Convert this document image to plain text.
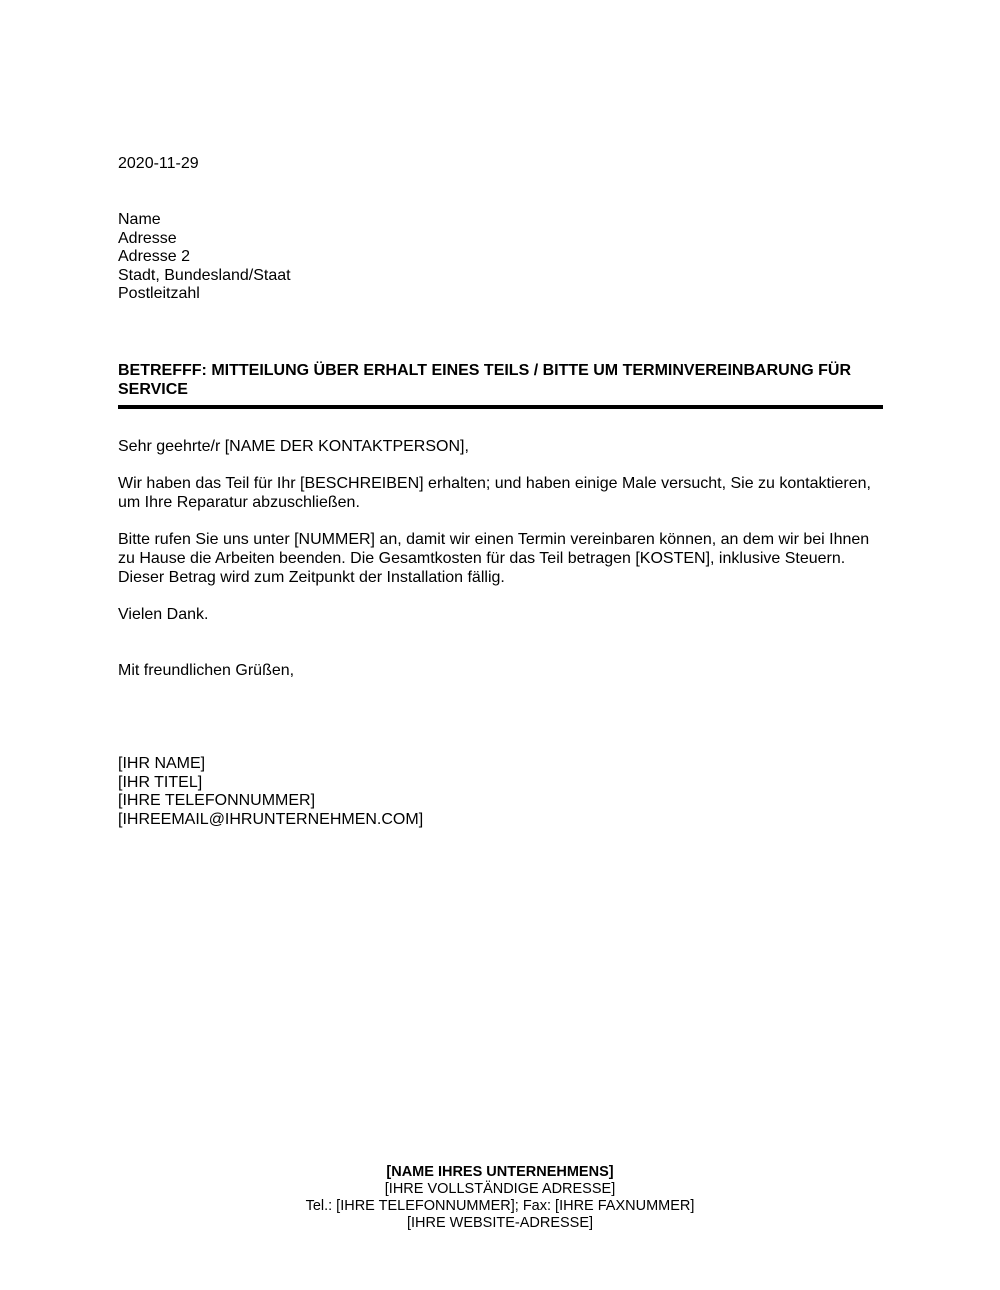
2020-11-29
Name
Adresse
Adresse 2
Stadt, Bundesland/Staat
Postleitzahl
BETREFFF: MITTEILUNG ÜBER ERHALT EINES TEILS / BITTE UM TERMINVEREINBARUNG FÜR SERVICE
Sehr geehrte/r [NAME DER KONTAKTPERSON],
Wir haben das Teil für Ihr [BESCHREIBEN] erhalten; und haben einige Male versucht, Sie zu kontaktieren, um Ihre Reparatur abzuschließen.
Bitte rufen Sie uns unter [NUMMER] an, damit wir einen Termin vereinbaren können, an dem wir bei Ihnen zu Hause die Arbeiten beenden. Die Gesamtkosten für das Teil betragen [KOSTEN], inklusive Steuern. Dieser Betrag wird zum Zeitpunkt der Installation fällig.
Vielen Dank.
Mit freundlichen Grüßen,
[IHR NAME]
[IHR TITEL]
[IHRE TELEFONNUMMER]
[IHREEMAIL@IHRUNTERNEHMEN.COM]
[NAME IHRES UNTERNEHMENS]
[IHRE VOLLSTÄNDIGE ADRESSE]
Tel.: [IHRE TELEFONNUMMER]; Fax: [IHRE FAXNUMMER]
[IHRE WEBSITE-ADRESSE]
